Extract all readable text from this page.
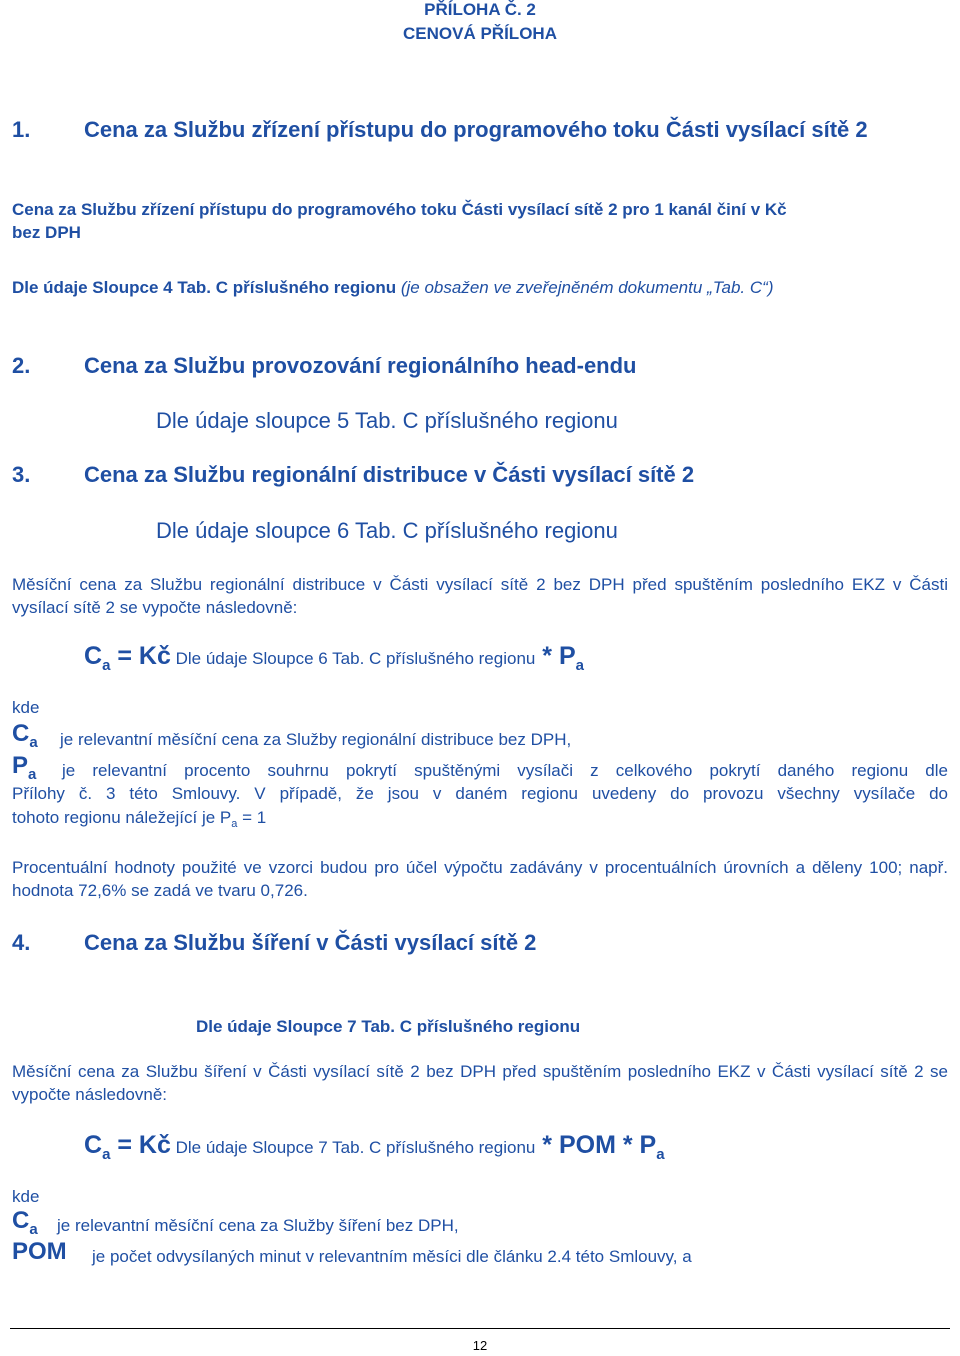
PŘÍLOHA Č. 2
CENOVÁ PŘÍLOHA
1. Cena za Službu zřízení přístupu do programového toku Části vysílací sítě 2
Cena za Službu zřízení přístupu do programového toku Části vysílací sítě 2 pro 1 kanál činí v Kč
bez DPH
Dle údaje Sloupce 4 Tab. C příslušného regionu (je obsažen ve zveřejněném dokumentu „Tab. C“)
2. Cena za Službu provozování regionálního head-endu
Dle údaje sloupce 5 Tab. C příslušného regionu
3. Cena za Službu regionální distribuce v Části vysílací sítě 2
Dle údaje sloupce 6 Tab. C příslušného regionu
Měsíční cena za Službu regionální distribuce v Části vysílací sítě 2 bez DPH před spuštěním posledního EKZ v Části vysílací sítě 2 se vypočte následovně:
Ca = Kč Dle údaje Sloupce 6 Tab. C příslušného regionu * Pa
kde
Ca je relevantní měsíční cena za Služby regionální distribuce bez DPH,
Pa je relevantní procento souhrnu pokrytí spuštěnými vysílači z celkového pokrytí daného regionu dle
Přílohy č. 3 této Smlouvy. V případě, že jsou v daném regionu uvedeny do provozu všechny vysílače do
tohoto regionu náležející je $P_a = 1$
Procentuální hodnoty použité ve vzorci budou pro účel výpočtu zadávány v procentuálních úrovních a děleny 100; např. hodnota 72,6% se zadá ve tvaru 0,726.
4. Cena za Službu šíření v Části vysílací sítě 2
Dle údaje Sloupce 7 Tab. C příslušného regionu
Měsíční cena za Službu šíření v Části vysílací sítě 2 bez DPH před spuštěním posledního EKZ v Části vysílací sítě 2 se vypočte následovně:
Ca = Kč Dle údaje Sloupce 7 Tab. C příslušného regionu * POM * Pa
kde
Ca je relevantní měsíční cena za Služby šíření bez DPH,
POM je počet odvysílaných minut v relevantním měsíci dle článku 2.4 této Smlouvy, a
12
